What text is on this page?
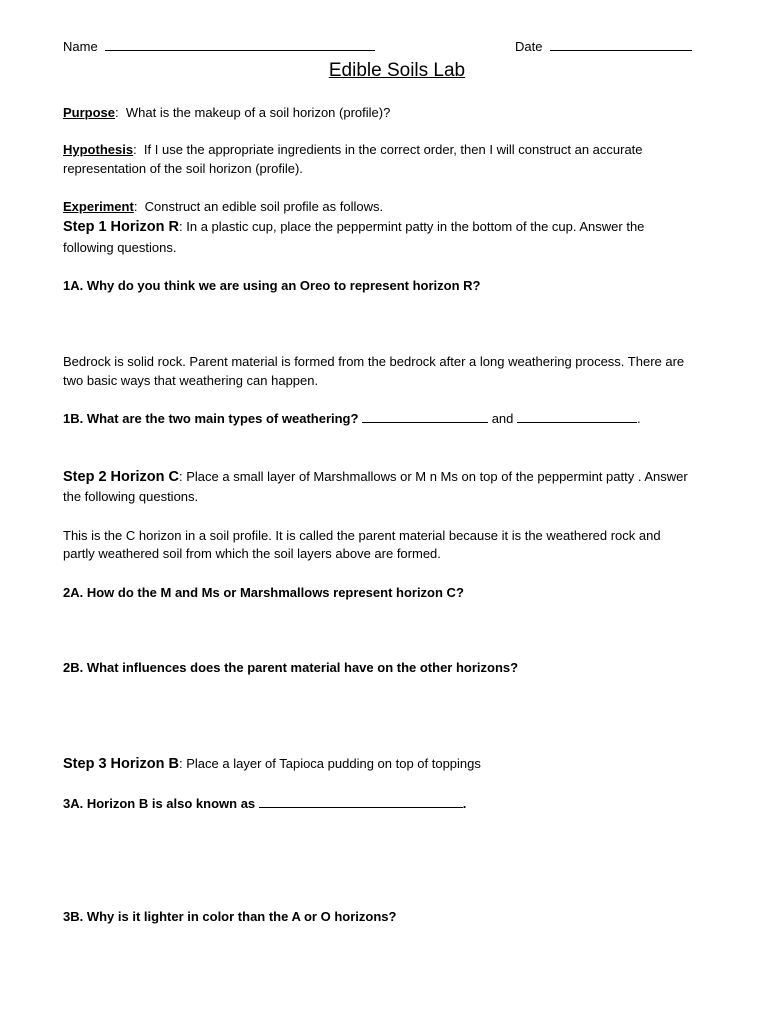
Name	Date
Edible Soils Lab
Purpose:  What is the makeup of a soil horizon (profile)?
Hypothesis:  If I use the appropriate ingredients in the correct order, then I will construct an accurate
representation of the soil horizon (profile).
Experiment:  Construct an edible soil profile as follows.
Step 1 Horizon R: In a plastic cup, place the peppermint patty in the bottom of the cup. Answer the
following questions.
1A. Why do you think we are using an Oreo to represent horizon R?
Bedrock is solid rock. Parent material is formed from the bedrock after a long weathering process. There are
two basic ways that weathering can happen.
1B. What are the two main types of weathering?	and	.
Step 2 Horizon C: Place a small layer of Marshmallows or M n Ms on top of the peppermint patty . Answer
the following questions.
This is the C horizon in a soil profile. It is called the parent material because it is the weathered rock and
partly weathered soil from which the soil layers above are formed.
2A. How do the M and Ms or Marshmallows represent horizon C?
2B. What influences does the parent material have on the other horizons?
Step 3 Horizon B: Place a layer of Tapioca pudding on top of toppings
3A. Horizon B is also known as	.
3B. Why is it lighter in color than the A or O horizons?
